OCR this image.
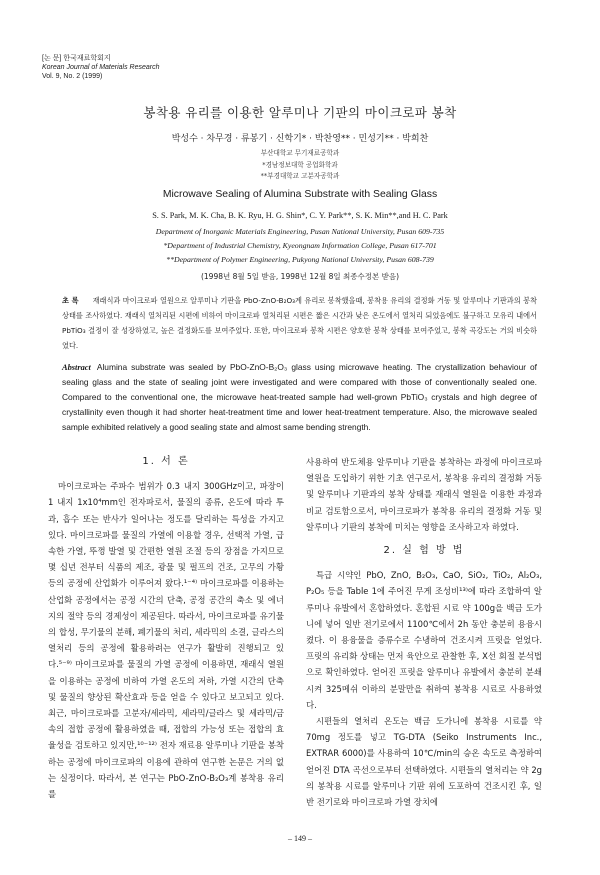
[논 문] 한국재료학회지
Korean Journal of Materials Research
Vol. 9, No. 2 (1999)
봉착용 유리를 이용한 알루미나 기판의 마이크로파 봉착
박성수 · 차무경 · 류봉기 · 신학기* · 박찬영** · 민성기** · 박희찬
부산대학교 무기재료공학과
*경남정보대학 공업화학과
**부경대학교 고분자공학과
Microwave Sealing of Alumina Substrate with Sealing Glass
S. S. Park, M. K. Cha, B. K. Ryu, H. G. Shin*, C. Y. Park**, S. K. Min**,and H. C. Park
Department of Inorganic Materials Engineering, Pusan National University, Pusan 609-735
*Department of Industrial Chemistry, Kyeongnam Information College, Pusan 617-701
**Department of Polymer Engineering, Pukyong National University, Pusan 608-739
(1998년 8월 5일 받음, 1998년 12월 8일 최종수정본 받음)
초 록 재래식과 마이크로파 열원으로 알루미나 기판을 PbO-ZnO-B₂O₃계 유리로 봉착했을때, 봉착용 유리의 결정화 거동 및 알루미나 기판과의 봉착상태를 조사하였다. 재래식 열처리된 시편에 비하여 마이크로파 열처리된 시편은 짧은 시간과 낮은 온도에서 열처리 되었음에도 불구하고 모유리 내에서 PbTiO₃ 결정이 잘 성장하였고, 높은 결정화도를 보여주었다. 또한, 마이크로파 봉착 시편은 양호한 봉착 상태를 보여주었고, 봉착 곡강도는 거의 비슷하였다.
Abstract Alumina substrate was sealed by PbO-ZnO-B₂O₃ glass using microwave heating. The crystallization behaviour of sealing glass and the state of sealing joint were investigated and were compared with those of conventionally sealed one. Compared to the conventional one, the microwave heat-treated sample had well-grown PbTiO₃ crystals and high degree of crystallinity even though it had shorter heat-treatment time and lower heat-treatment temperature. Also, the microwave sealed sample exhibited relatively a good sealing state and almost same bending strength.
1. 서 론

마이크로파는 주파수 범위가 0.3 내지 300GHz이고, 파장이 1 내지 1x10⁴mm인 전자파로서, 물질의 종류, 온도에 따라 투과, 흡수 또는 반사가 일어나는 정도를 달리하는 특성을 가지고 있다. 마이크로파를 물질의 가열에 이용할 경우, 선택적 가열, 급속한 가열, 뚜껑 발열 및 간편한 열원 조절 등의 장점을 가지므로 몇 십년 전부터 식품의 제조, 광물 및 펄프의 건조, 고무의 가황 등의 공정에 산업화가 이루어져 왔다.¹⁻⁴⁾ 마이크로파를 이용하는 산업화 공정에서는 공정 시간의 단축, 공정 공간의 축소 및 에너지의 절약 등의 경제성이 제공된다. 따라서, 마이크로파를 유기물의 합성, 무기물의 분해, 폐기물의 처리, 세라믹의 소결, 글라스의 열처리 등의 공정에 활용하려는 연구가 활발히 진행되고 있다.⁵⁻⁹⁾ 마이크로파를 물질의 가열 공정에 이용하면, 재래식 열원을 이용하는 공정에 비하여 가열 온도의 저하, 가열 시간의 단축 및 물질의 향상된 확산효과 등을 얻을 수 있다고 보고되고 있다. 최근, 마이크로파를 고분자/세라믹, 세라믹/글라스 및 세라믹/금속의 접합 공정에 활용하였을 때, 접합의 가능성 또는 접합의 효율성을 검토하고 있지만,¹⁰⁻¹²⁾ 전자 재료용 알루미나 기판을 봉착하는 공정에 마이크로파의 이용에 관하여 연구한 논문은 거의 없는 실정이다. 따라서, 본 연구는 PbO-ZnO-B₂O₃계 봉착용 유리를

사용하여 반도체용 알루미나 기판을 봉착하는 과정에 마이크로파 열원을 도입하기 위한 기초 연구로서, 봉착용 유리의 결정화 거동 및 알루미나 기판과의 봉착 상태를 재래식 열원을 이용한 과정과 비교 검토함으로서, 마이크로파가 봉착용 유리의 결정화 거동 및 알루미나 기판의 봉착에 미치는 영향을 조사하고자 하였다.

2. 실 험 방 법

특급 시약인 PbO, ZnO, B₂O₃, CaO, SiO₂, TiO₂, Al₂O₃, P₂O₅ 등을 Table 1에 주어진 무게 조성비¹³⁾에 따라 조합하여 알루미나 유발에서 혼합하였다. 혼합된 시료 약 100g을 백금 도가니에 넣어 일반 전기로에서 1100℃에서 2h 동안 충분히 용융시켰다. 이 용융물을 증류수로 수냉하여 건조시켜 프릿을 얻었다. 프릿의 유리화 상태는 먼저 육안으로 관찰한 후, X선 회절 분석법으로 확인하였다. 얻어진 프릿을 알루미나 유발에서 충분히 분쇄시켜 325메쉬 이하의 분말만을 취하여 봉착용 시료로 사용하였다.

시편들의 열처리 온도는 백금 도가니에 봉착용 시료를 약 70mg 정도를 넣고 TG-DTA (Seiko Instruments Inc., EXTRAR 6000)를 사용하여 10℃/min의 승온 속도로 측정하여 얻어진 DTA 곡선으로부터 선택하였다. 시편들의 열처리는 약 2g의 봉착용 시료를 알루미나 기판 위에 도포하여 건조시킨 후, 일반 전기로와 마이크로파 가열 장치에

– 149 –
